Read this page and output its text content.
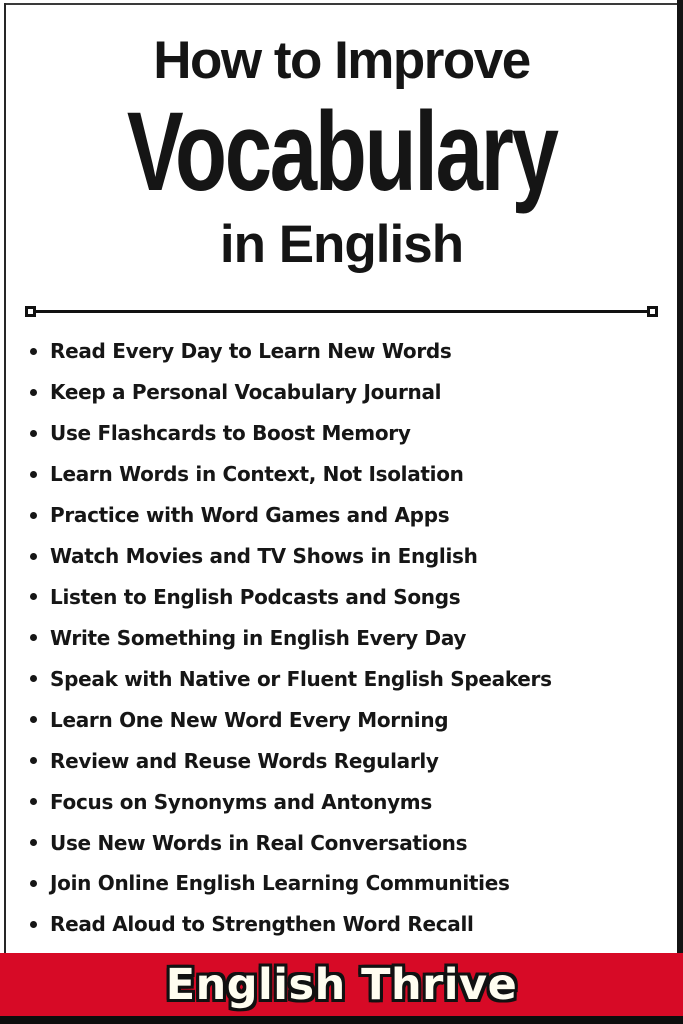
How to Improve
Vocabulary
in English
Read Every Day to Learn New Words
Keep a Personal Vocabulary Journal
Use Flashcards to Boost Memory
Learn Words in Context, Not Isolation
Practice with Word Games and Apps
Watch Movies and TV Shows in English
Listen to English Podcasts and Songs
Write Something in English Every Day
Speak with Native or Fluent English Speakers
Learn One New Word Every Morning
Review and Reuse Words Regularly
Focus on Synonyms and Antonyms
Use New Words in Real Conversations
Join Online English Learning Communities
Read Aloud to Strengthen Word Recall
English Thrive
